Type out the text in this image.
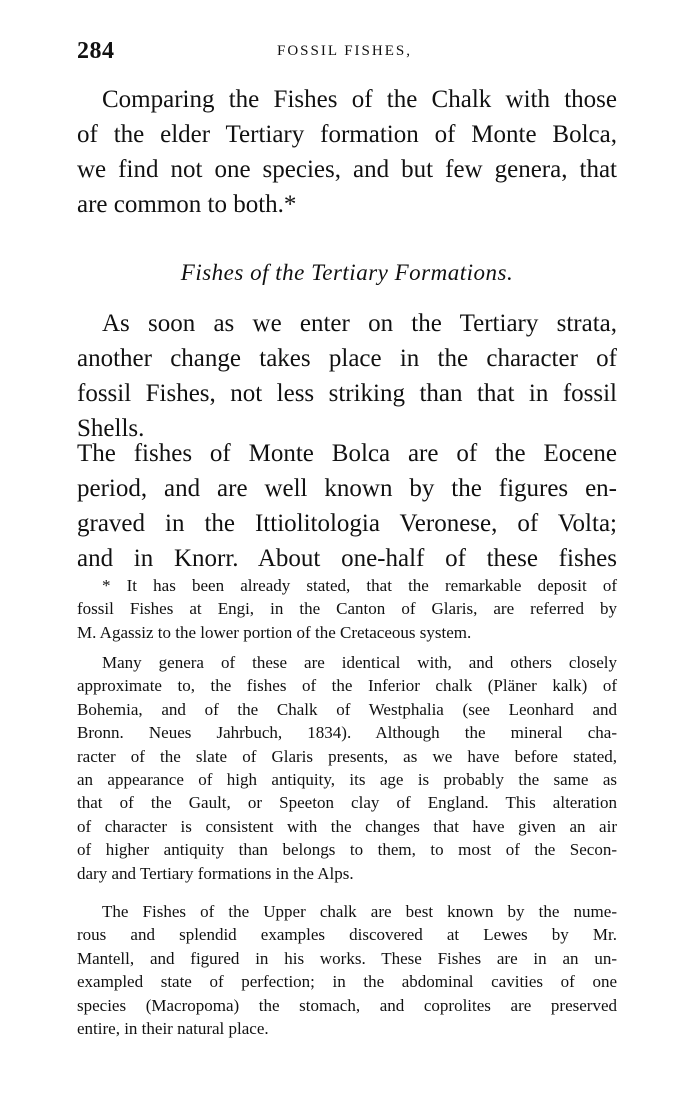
284	FOSSIL FISHES,

Comparing the Fishes of the Chalk with those
of the elder Tertiary formation of Monte Bolca,
we find not one species, and but few genera, that
are common to both.*

Fishes of the Tertiary Formations.

As soon as we enter on the Tertiary strata,
another change takes place in the character of
fossil Fishes, not less striking than that in fossil
Shells.

The fishes of Monte Bolca are of the Eocene
period, and are well known by the figures en-
graved in the Ittiolitologia Veronese, of Volta;
and in Knorr. About one-half of these fishes

* It has been already stated, that the remarkable deposit of
fossil Fishes at Engi, in the Canton of Glaris, are referred by
M. Agassiz to the lower portion of the Cretaceous system.

Many genera of these are identical with, and others closely
approximate to, the fishes of the Inferior chalk (Pläner kalk) of
Bohemia, and of the Chalk of Westphalia (see Leonhard and
Bronn. Neues Jahrbuch, 1834). Although the mineral cha-
racter of the slate of Glaris presents, as we have before stated,
an appearance of high antiquity, its age is probably the same as
that of the Gault, or Speeton clay of England. This alteration
of character is consistent with the changes that have given an air
of higher antiquity than belongs to them, to most of the Secon-
dary and Tertiary formations in the Alps.

The Fishes of the Upper chalk are best known by the nume-
rous and splendid examples discovered at Lewes by Mr.
Mantell, and figured in his works. These Fishes are in an un-
exampled state of perfection; in the abdominal cavities of one
species (Macropoma) the stomach, and coprolites are preserved
entire, in their natural place.
